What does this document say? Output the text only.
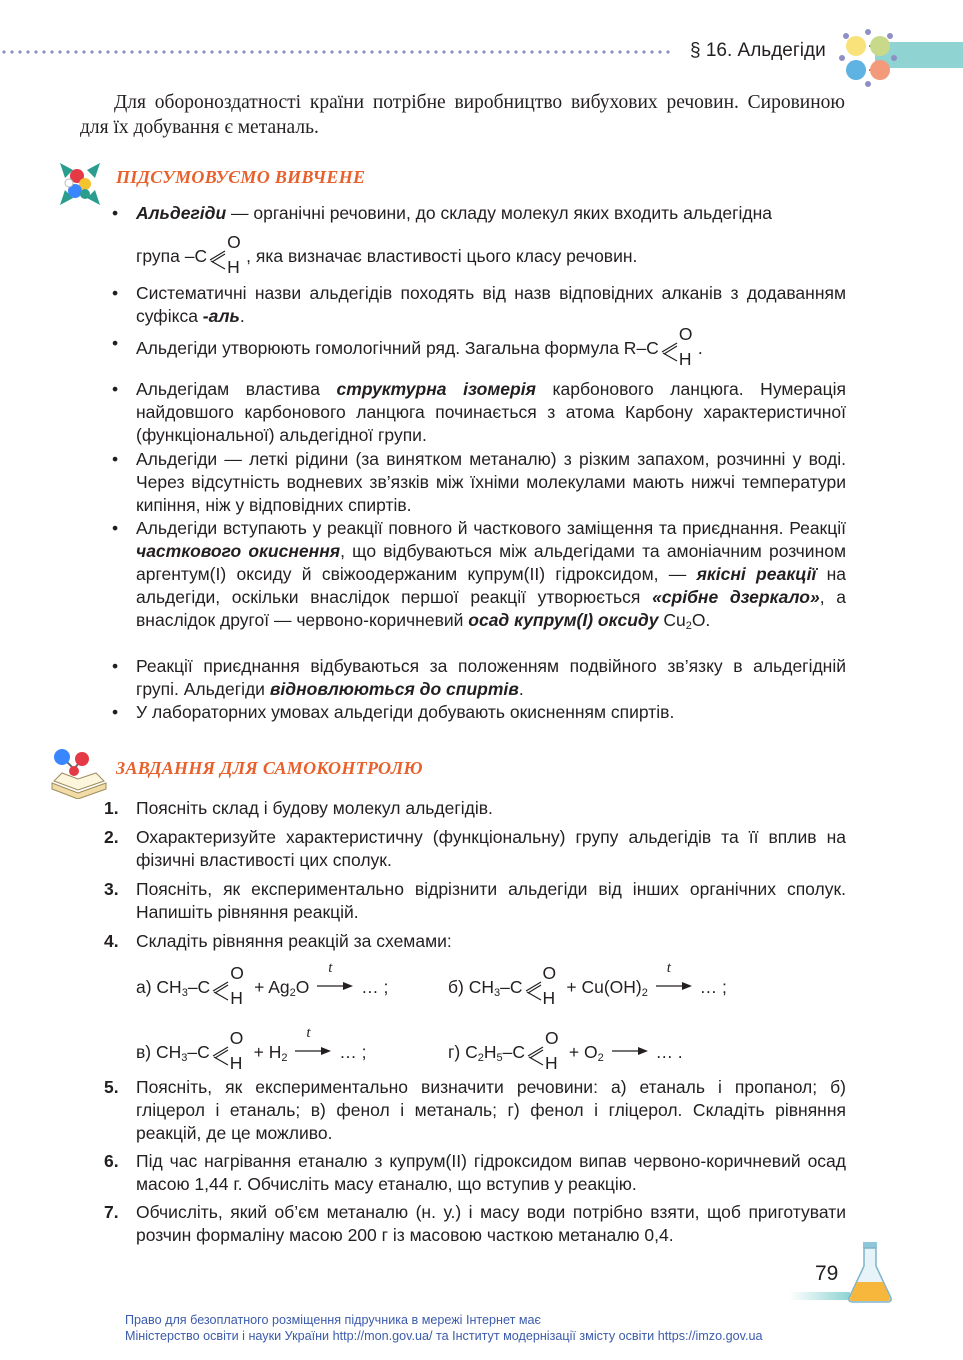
§ 16. Альдегіди
Для обороноздатності країни потрібне виробництво вибухових речовин. Сировиною для їх добування є метаналь.
ПІДСУМОВУЄМО ВИВЧЕНЕ
• Альдегіди — органічні речовини, до складу молекул яких входить альдегідна
група –С
O
H
, яка визначає властивості цього класу речовин.
• Систематичні назви альдегідів походять від назв відповідних алканів з додаванням суфікса -аль.
• Альдегіди утворюють гомологічний ряд. Загальна формула R–С
O
H
.
• Альдегідам властива структурна ізомерія карбонового ланцюга. Нумерація найдовшого карбонового ланцюга починається з атома Карбону характеристичної (функціональної) альдегідної групи.
• Альдегіди — леткі рідини (за винятком метаналю) з різким запахом, розчинні у воді. Через відсутність водневих зв’язків між їхніми молекулами мають нижчі температури кипіння, ніж у відповідних спиртів.
• Альдегіди вступають у реакції повного й часткового заміщення та приєднання. Реакції часткового окиснення, що відбуваються між альдегідами та амоніачним розчином аргентум(I) оксиду й свіжоодержаним купрум(II) гідроксидом, — якісні реакції на альдегіди, оскільки внаслідок першої реакції утворюється «срібне дзеркало», а внаслідок другої — червоно-коричневий осад купрум(I) оксиду $Cu_2O$.
• Реакції приєднання відбуваються за положенням подвійного зв’язку в альдегідній групі. Альдегіди відновлюються до спиртів.
• У лабораторних умовах альдегіди добувають окисненням спиртів.
ЗАВДАННЯ ДЛЯ САМОКОНТРОЛЮ
1. Поясніть склад і будову молекул альдегідів.
2. Охарактеризуйте характеристичну (функціональну) групу альдегідів та її вплив на фізичні властивості цих сполук.
3. Поясніть, як експериментально відрізнити альдегіди від інших органічних сполук. Напишіть рівняння реакцій.
4. Складіть рівняння реакцій за схемами:
а) $CH_3-C$
O
H
+ $Ag_2O$
t
… ;	б) $CH_3-C$
O
H
+ $Cu(OH)_2$
t
… ;
в) $CH_3-C$
O
H
+ $H_2$
t
… ;	г) $C_2H_5-C$
O
H
+ $O_2$ → … .
5. Поясніть, як експериментально визначити речовини: а) етаналь і пропанол; б) гліцерол і етаналь; в) фенол і метаналь; г) фенол і гліцерол. Складіть рівняння реакцій, де це можливо.
6. Під час нагрівання етаналю з купрум(II) гідроксидом випав червоно-коричневий осад масою 1,44 г. Обчисліть масу етаналю, що вступив у реакцію.
7. Обчисліть, який об’єм метаналю (н. у.) і масу води потрібно взяти, щоб приготувати розчин формаліну масою 200 г із масовою часткою метаналю 0,4.
79
Право для безоплатного розміщення підручника в мережі Інтернет має
Міністерство освіти і науки України http://mon.gov.ua/ та Інститут модернізації змісту освіти https://imzo.gov.ua
